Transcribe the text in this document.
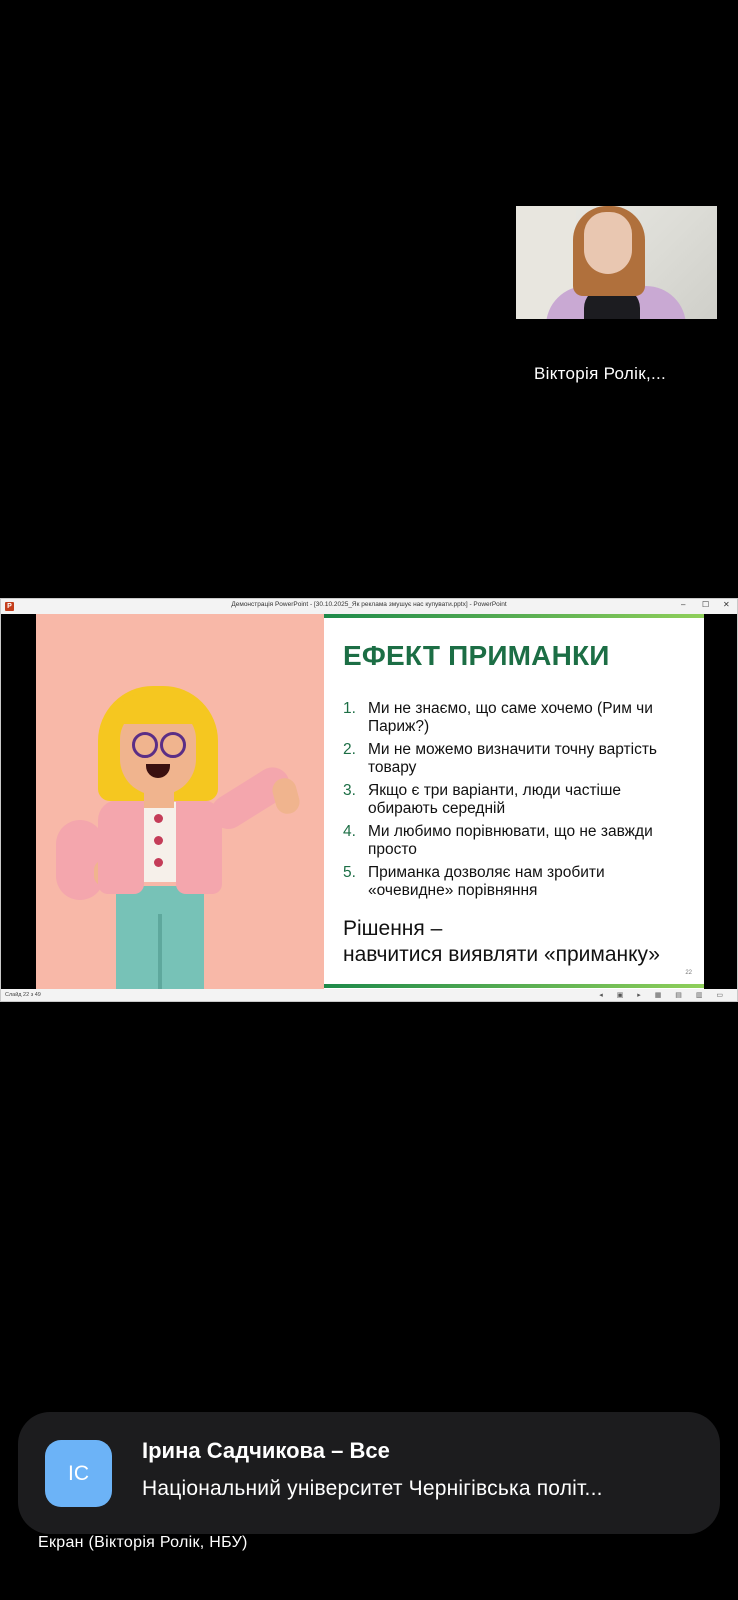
Вікторія Ролік,...
P	Демонстрація PowerPoint - [30.10.2025_Як реклама змушує нас купувати.pptx] - PowerPoint	– ☐ ✕
ЕФЕКТ ПРИМАНКИ
1. Ми не знаємо, що саме хочемо (Рим чи Париж?)
2. Ми не можемо визначити точну вартість товару
3. Якщо є три варіанти, люди частіше обирають середній
4. Ми любимо порівнювати, що не завжди просто
5. Приманка дозволяє нам зробити «очевидне» порівняння
Рішення –
навчитися виявляти «приманку»
22
Слайд 22 з 49	◂ ▣ ▸ ▦ ▤ ▥ ▭
ІС
Ірина Садчикова – Все
Національний університет Чернігівська політ...
Екран (Вікторія Ролік, НБУ)
